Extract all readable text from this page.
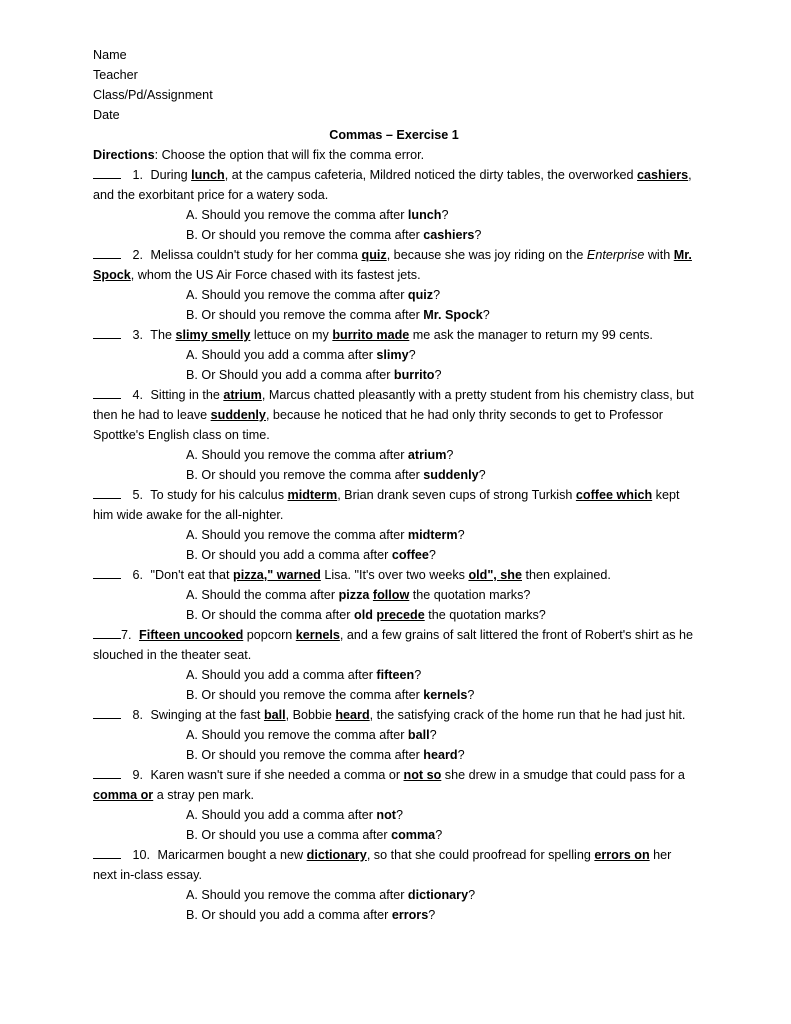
Name
Teacher
Class/Pd/Assignment
Date
Commas – Exercise 1
Directions: Choose the option that will fix the comma error.
1. During lunch, at the campus cafeteria, Mildred noticed the dirty tables, the overworked cashiers, and the exorbitant price for a watery soda.
A. Should you remove the comma after lunch?
B. Or should you remove the comma after cashiers?
2. Melissa couldn't study for her comma quiz, because she was joy riding on the Enterprise with Mr. Spock, whom the US Air Force chased with its fastest jets.
A. Should you remove the comma after quiz?
B. Or should you remove the comma after Mr. Spock?
3. The slimy smelly lettuce on my burrito made me ask the manager to return my 99 cents.
A. Should you add a comma after slimy?
B. Or Should you add a comma after burrito?
4. Sitting in the atrium, Marcus chatted pleasantly with a pretty student from his chemistry class, but then he had to leave suddenly, because he noticed that he had only thrity seconds to get to Professor Spottke's English class on time.
A. Should you remove the comma after atrium?
B. Or should you remove the comma after suddenly?
5. To study for his calculus midterm, Brian drank seven cups of strong Turkish coffee which kept him wide awake for the all-nighter.
A. Should you remove the comma after midterm?
B. Or should you add a comma after coffee?
6. "Don't eat that pizza," warned Lisa. "It's over two weeks old", she then explained.
A. Should the comma after pizza follow the quotation marks?
B. Or should the comma after old precede the quotation marks?
7. Fifteen uncooked popcorn kernels, and a few grains of salt littered the front of Robert's shirt as he slouched in the theater seat.
A. Should you add a comma after fifteen?
B. Or should you remove the comma after kernels?
8. Swinging at the fast ball, Bobbie heard, the satisfying crack of the home run that he had just hit.
A. Should you remove the comma after ball?
B. Or should you remove the comma after heard?
9. Karen wasn't sure if she needed a comma or not so she drew in a smudge that could pass for a comma or a stray pen mark.
A. Should you add a comma after not?
B. Or should you use a comma after comma?
10. Maricarmen bought a new dictionary, so that she could proofread for spelling errors on her next in-class essay.
A. Should you remove the comma after dictionary?
B. Or should you add a comma after errors?
